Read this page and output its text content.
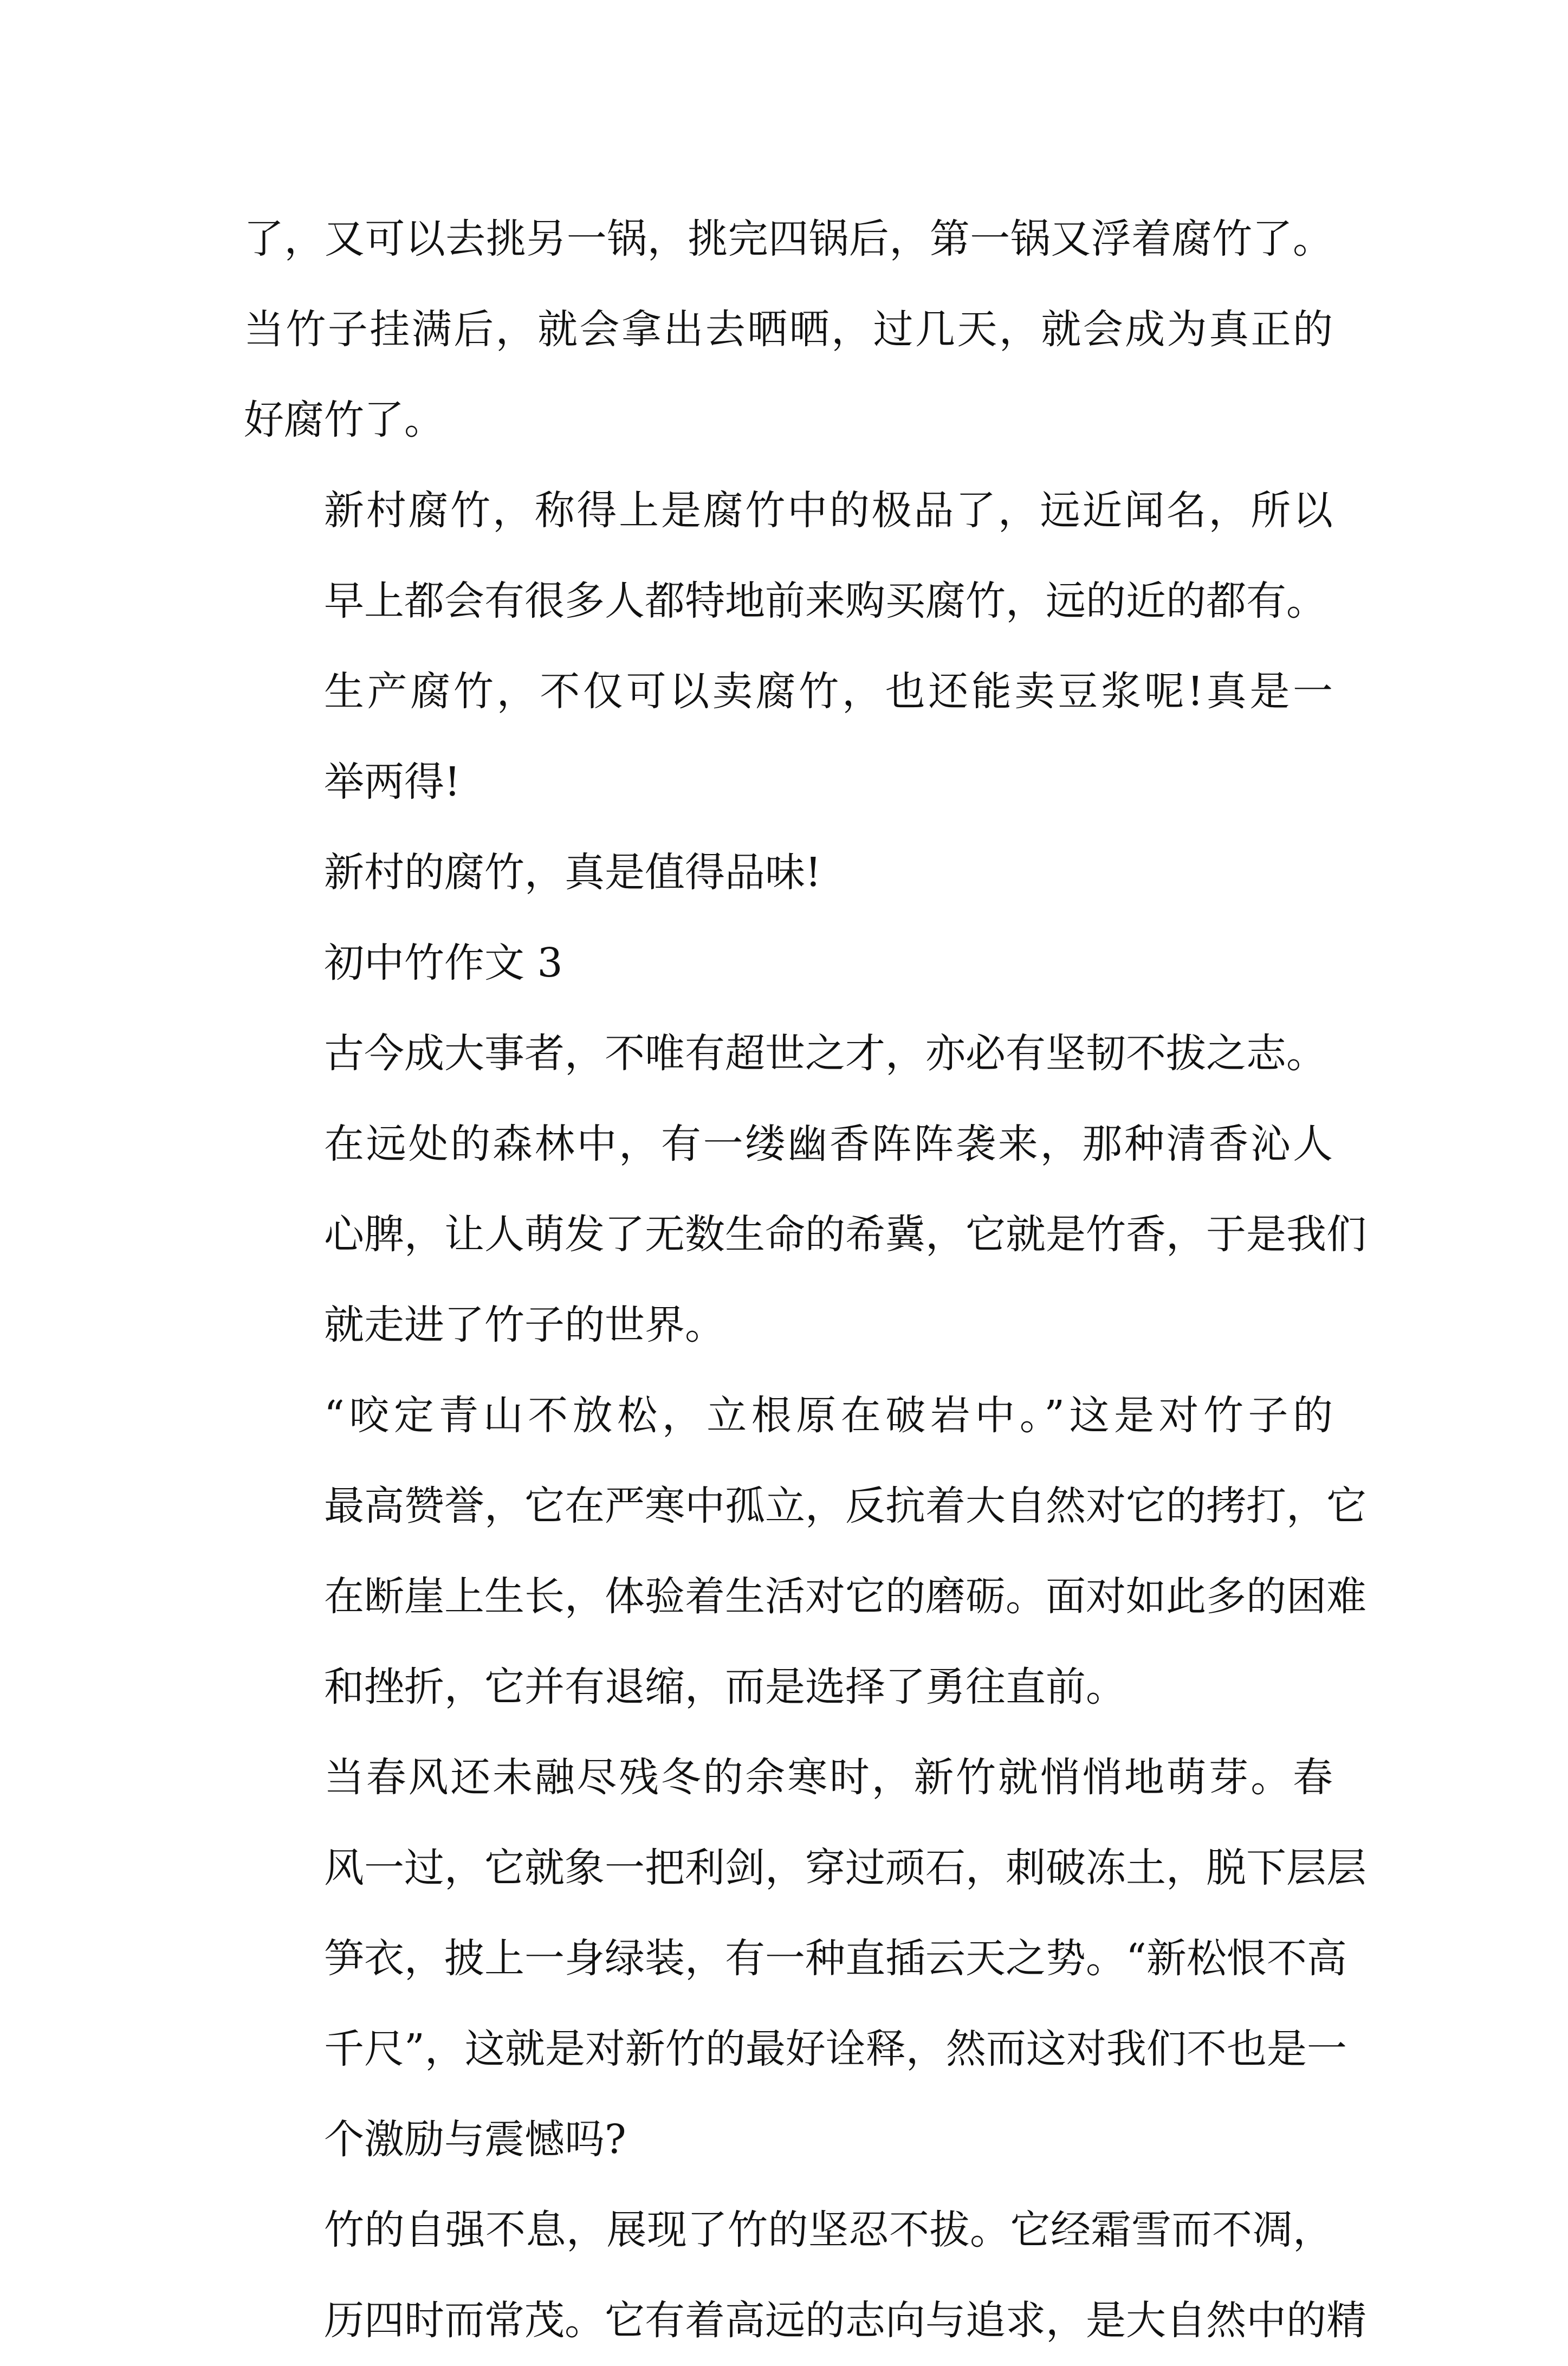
了，又可以去挑另一锅，挑完四锅后，第一锅又浮着腐竹了。
当竹子挂满后，就会拿出去晒晒，过几天，就会成为真正的
好腐竹了。

新村腐竹，称得上是腐竹中的极品了，远近闻名，所以
早上都会有很多人都特地前来购买腐竹，远的近的都有。

生产腐竹，不仅可以卖腐竹，也还能卖豆浆呢!真是一
举两得!

新村的腐竹，真是值得品味!

初中竹作文 3

古今成大事者，不唯有超世之才，亦必有坚韧不拔之志。

在远处的森林中，有一缕幽香阵阵袭来，那种清香沁人
心脾，让人萌发了无数生命的希冀，它就是竹香，于是我们
就走进了竹子的世界。

“咬定青山不放松，立根原在破岩中。”这是对竹子的
最高赞誉，它在严寒中孤立，反抗着大自然对它的拷打，它
在断崖上生长，体验着生活对它的磨砺。面对如此多的困难
和挫折，它并有退缩，而是选择了勇往直前。

当春风还未融尽残冬的余寒时，新竹就悄悄地萌芽。春
风一过，它就象一把利剑，穿过顽石，刺破冻土，脱下层层
笋衣，披上一身绿装，有一种直插云天之势。“新松恨不高
千尺”，这就是对新竹的最好诠释，然而这对我们不也是一
个激励与震憾吗?

竹的自强不息，展现了竹的坚忍不拔。它经霜雪而不凋，
历四时而常茂。它有着高远的志向与追求，是大自然中的精
